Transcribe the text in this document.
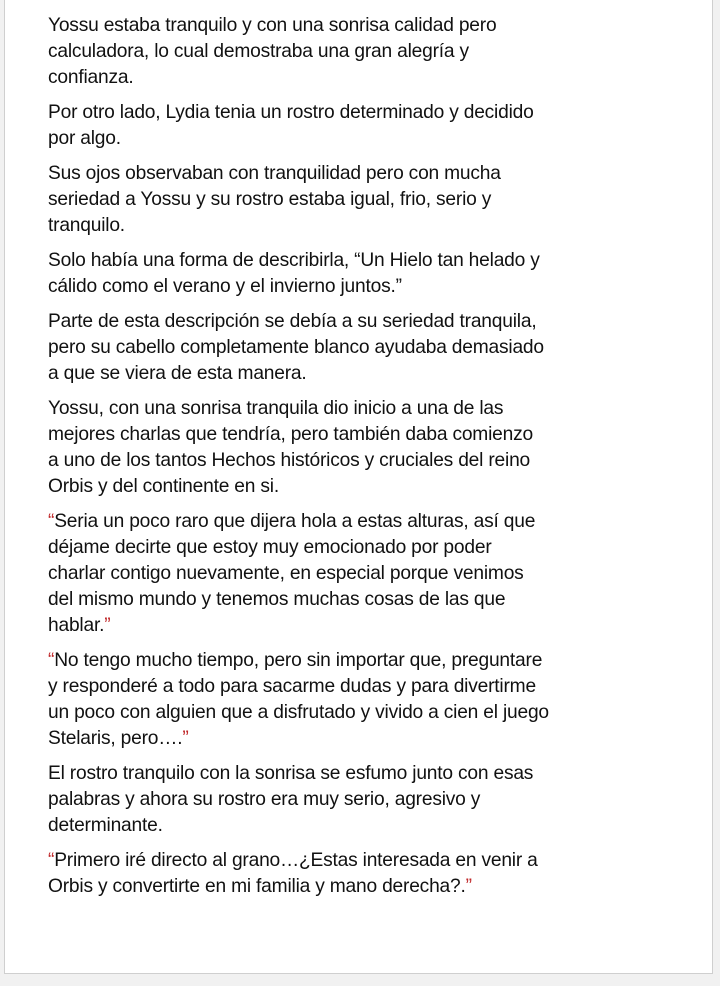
Yossu estaba tranquilo y con una sonrisa calidad pero
calculadora, lo cual demostraba una gran alegría y
confianza.

Por otro lado, Lydia tenia un rostro determinado y decidido
por algo.

Sus ojos observaban con tranquilidad pero con mucha
seriedad a Yossu y su rostro estaba igual, frio, serio y
tranquilo.

Solo había una forma de describirla, “Un Hielo tan helado y
cálido como el verano y el invierno juntos.”

Parte de esta descripción se debía a su seriedad tranquila,
pero su cabello completamente blanco ayudaba demasiado
a que se viera de esta manera.

Yossu, con una sonrisa tranquila dio inicio a una de las
mejores charlas que tendría, pero también daba comienzo
a uno de los tantos Hechos históricos y cruciales del reino
Orbis y del continente en si.

“Seria un poco raro que dijera hola a estas alturas, así que
déjame decirte que estoy muy emocionado por poder
charlar contigo nuevamente, en especial porque venimos
del mismo mundo y tenemos muchas cosas de las que
hablar.”

“No tengo mucho tiempo, pero sin importar que, preguntare
y responderé a todo para sacarme dudas y para divertirme
un poco con alguien que a disfrutado y vivido a cien el juego
Stelaris, pero….”

El rostro tranquilo con la sonrisa se esfumo junto con esas
palabras y ahora su rostro era muy serio, agresivo y
determinante.

“Primero iré directo al grano…¿Estas interesada en venir a
Orbis y convertirte en mi familia y mano derecha?.”
